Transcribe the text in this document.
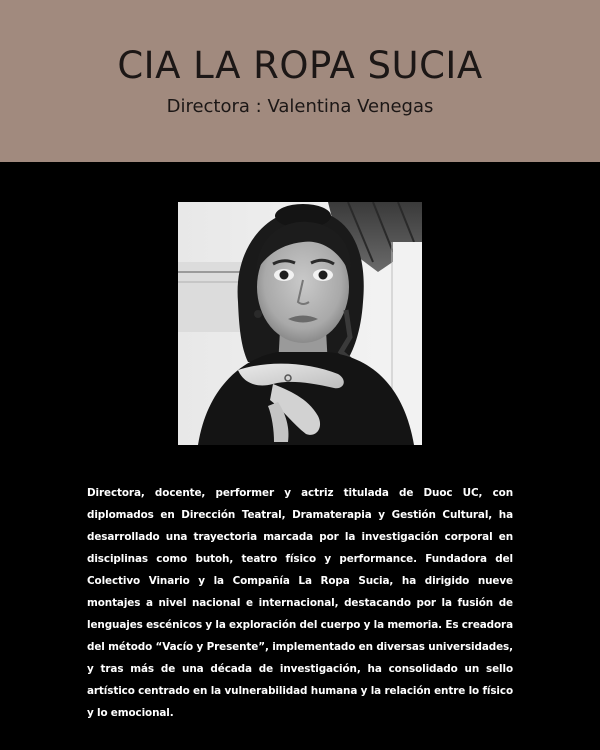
CIA LA ROPA SUCIA
Directora : Valentina Venegas

Directora, docente, performer y actriz titulada de Duoc UC, con diplomados en Dirección Teatral, Dramaterapia y Gestión Cultural, ha desarrollado una trayectoria marcada por la investigación corporal en disciplinas como butoh, teatro físico y performance. Fundadora del Colectivo Vinario y la Compañía La Ropa Sucia, ha dirigido nueve montajes a nivel nacional e internacional, destacando por la fusión de lenguajes escénicos y la exploración del cuerpo y la memoria. Es creadora del método “Vacío y Presente”, implementado en diversas universidades, y tras más de una década de investigación, ha consolidado un sello artístico centrado en la vulnerabilidad humana y la relación entre lo físico y lo emocional.
